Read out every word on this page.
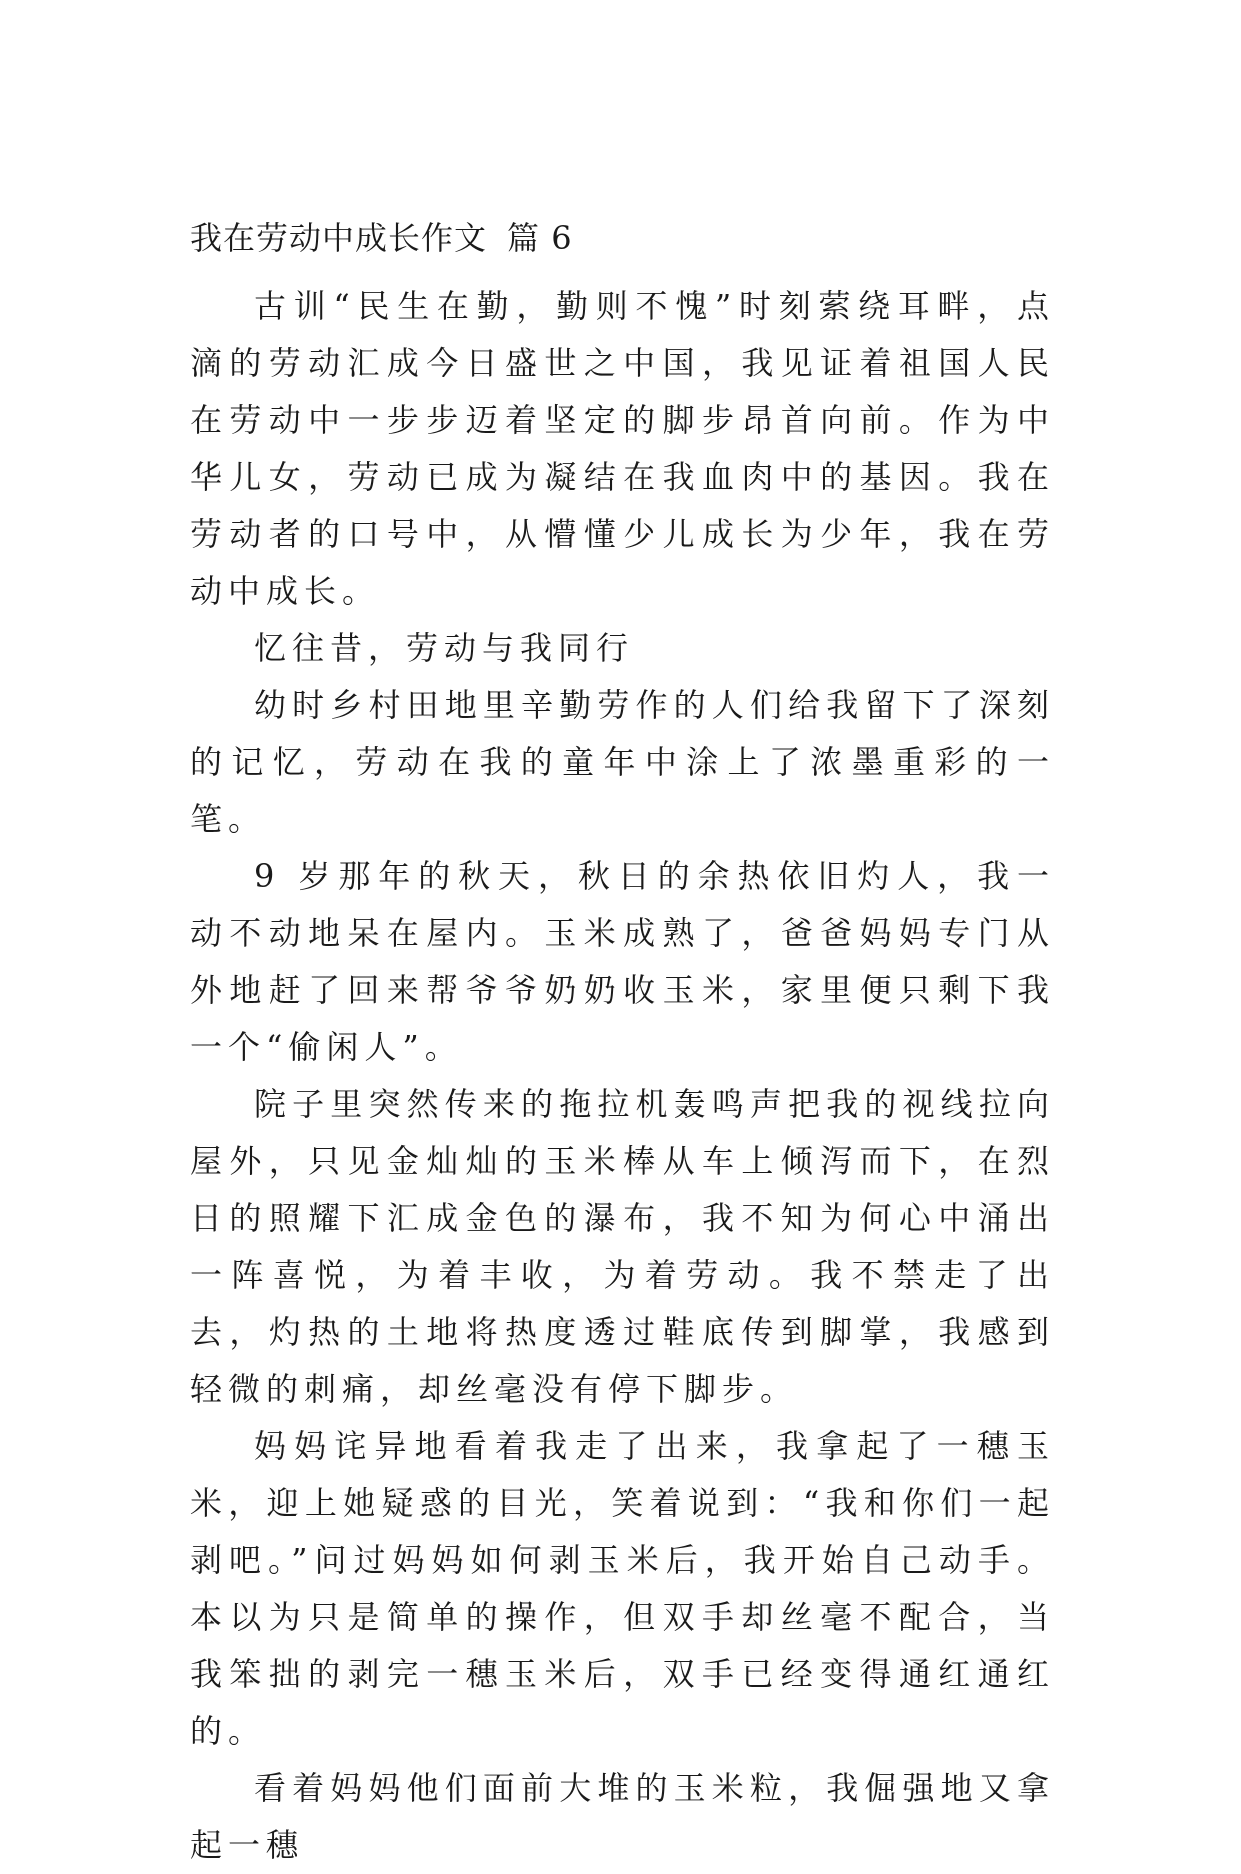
我在劳动中成长作文 篇 6

古训“民生在勤，勤则不愧”时刻萦绕耳畔，点滴的劳动汇成今日盛世之中国，我见证着祖国人民在劳动中一步步迈着坚定的脚步昂首向前。作为中华儿女，劳动已成为凝结在我血肉中的基因。我在劳动者的口号中，从懵懂少儿成长为少年，我在劳动中成长。

忆往昔，劳动与我同行

幼时乡村田地里辛勤劳作的人们给我留下了深刻的记忆，劳动在我的童年中涂上了浓墨重彩的一笔。

9 岁那年的秋天，秋日的余热依旧灼人，我一动不动地呆在屋内。玉米成熟了，爸爸妈妈专门从外地赶了回来帮爷爷奶奶收玉米，家里便只剩下我一个“偷闲人”。

院子里突然传来的拖拉机轰鸣声把我的视线拉向屋外，只见金灿灿的玉米棒从车上倾泻而下，在烈日的照耀下汇成金色的瀑布，我不知为何心中涌出一阵喜悦，为着丰收，为着劳动。我不禁走了出去，灼热的土地将热度透过鞋底传到脚掌，我感到轻微的刺痛，却丝毫没有停下脚步。

妈妈诧异地看着我走了出来，我拿起了一穗玉米，迎上她疑惑的目光，笑着说到：“我和你们一起剥吧。”问过妈妈如何剥玉米后，我开始自己动手。本以为只是简单的操作，但双手却丝毫不配合，当我笨拙的剥完一穗玉米后，双手已经变得通红通红的。

看着妈妈他们面前大堆的玉米粒，我倔强地又拿起一穗
